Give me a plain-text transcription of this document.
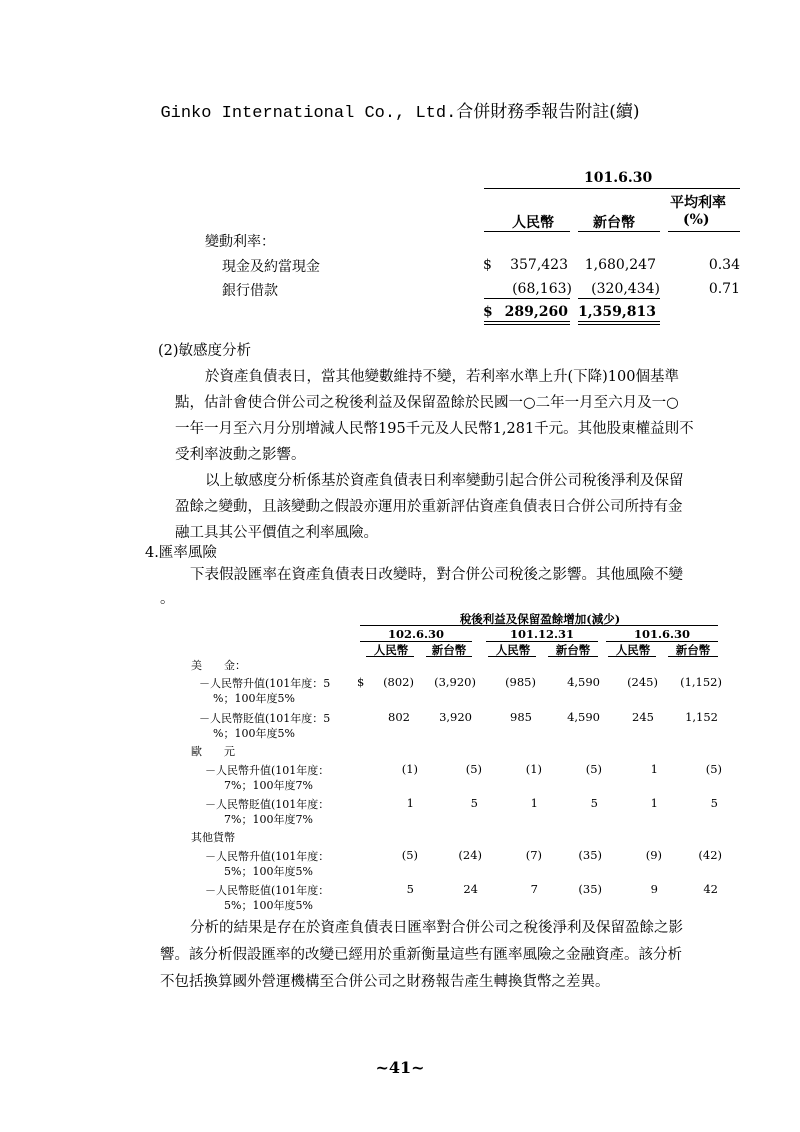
Ginko International Co., Ltd.合併財務季報告附註(續)
101.6.30
平均利率
(%)
人民幣	新台幣
變動利率：
現金及約當現金	$	357,423	1,680,247	0.34
銀行借款	(68,163)	(320,434)	0.71
$ 289,260 1,359,813
(2)敏感度分析
於資產負債表日，當其他變數維持不變，若利率水準上升(下降)100個基準
點，估計會使合併公司之稅後利益及保留盈餘於民國一○二年一月至六月及一○
一年一月至六月分別增減人民幣195千元及人民幣1,281千元。其他股東權益則不
受利率波動之影響。
以上敏感度分析係基於資產負債表日利率變動引起合併公司稅後淨利及保留
盈餘之變動，且該變動之假設亦運用於重新評估資產負債表日合併公司所持有金
融工具其公平價值之利率風險。
4.匯率風險
下表假設匯率在資產負債表日改變時，對合併公司稅後之影響。其他風險不變
。
稅後利益及保留盈餘增加(減少)
102.6.30	101.12.31	101.6.30
人民幣	新台幣	人民幣	新台幣	人民幣	新台幣
美　　金：
－人民幣升值(101年度：5
%；100年度5%
$	(802)	(3,920)	(985)	4,590	(245)	(1,152)
－人民幣貶值(101年度：5
%；100年度5%
802	3,920	985	4,590	245	1,152
歐　　元
－人民幣升值(101年度：
7%；100年度7%
(1)	(5)	(1)	(5)	1	(5)
－人民幣貶值(101年度：
7%；100年度7%
1	5	1	5	1	5
其他貨幣
－人民幣升值(101年度：
5%；100年度5%
(5)	(24)	(7)	(35)	(9)	(42)
－人民幣貶值(101年度：
5%；100年度5%
5	24	7	(35)	9	42
分析的結果是存在於資產負債表日匯率對合併公司之稅後淨利及保留盈餘之影
響。該分析假設匯率的改變已經用於重新衡量這些有匯率風險之金融資產。該分析
不包括換算國外營運機構至合併公司之財務報告產生轉換貨幣之差異。
~41~
